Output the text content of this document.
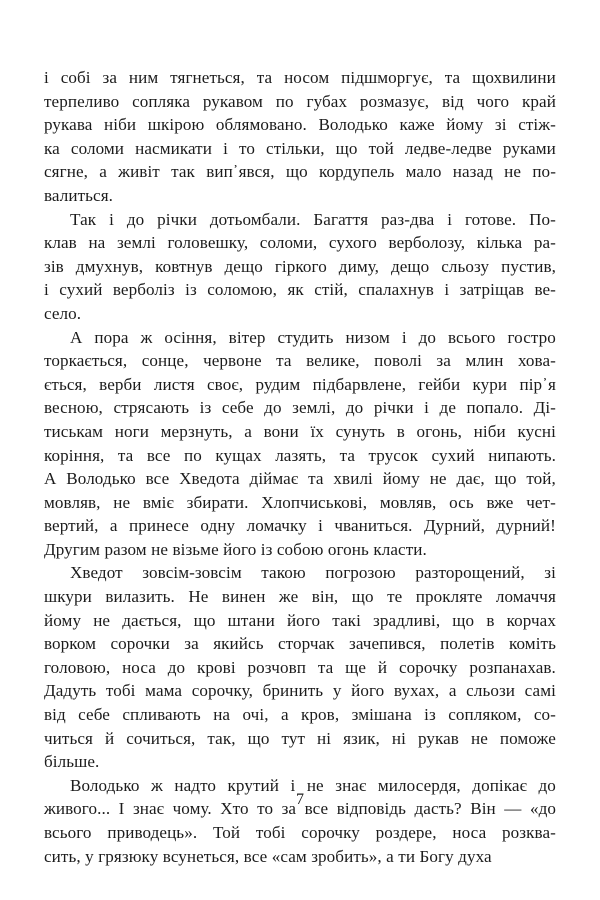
і собі за ним тягнеться, та носом підшморгує, та щохвилини
терпеливо сопляка рукавом по губах розмазує, від чого край
рукава ніби шкірою облямовано. Володько каже йому зі стіж-
ка соломи насмикати і то стільки, що той ледве-ледве руками
сягне, а живіт так вип᾽явся, що кордупель мало назад не по-
валиться.

Так і до річки дотьомбали. Багаття раз-два і готове. По-
клав на землі головешку, соломи, сухого верболозу, кілька ра-
зів дмухнув, ковтнув дещо гіркого диму, дещо сльозу пустив,
і сухий верболіз із соломою, як стій, спалахнув і затріщав ве-
село.

А пора ж осіння, вітер студить низом і до всього гостро
торкається, сонце, червоне та велике, поволі за млин хова-
ється, верби листя своє, рудим підбарвлене, гейби кури пір᾽я
весною, стрясають із себе до землі, до річки і де попало. Ді-
тиськам ноги мерзнуть, а вони їх сунуть в огонь, ніби кусні
коріння, та все по кущах лазять, та трусок сухий нипають.
А Володько все Хведота діймає та хвилі йому не дає, що той,
мовляв, не вміє збирати. Хлопчиськові, мовляв, ось вже чет-
вертий, а принесе одну ломачку і чваниться. Дурний, дурний!
Другим разом не візьме його із собою огонь класти.

Хведот зовсім-зовсім такою погрозою разторощений, зі
шкури вилазить. Не винен же він, що те прокляте ломаччя
йому не дається, що штани його такі зрадливі, що в корчах
ворком сорочки за якийсь сторчак зачепився, полетів коміть
головою, носа до крові розчовп та ще й сорочку розпанахав.
Дадуть тобі мама сорочку, бринить у його вухах, а сльози самі
від себе спливають на очі, а кров, змішана із сопляком, со-
читься й сочиться, так, що тут ні язик, ні рукав не поможе
більше.

Володько ж надто крутий і не знає милосердя, допікає до
живого... І знає чому. Хто то за все відповідь дасть? Він — «до
всього приводець». Той тобі сорочку роздере, носа розква-
сить, у грязюку всунеться, все «сам зробить», а ти Богу духа

7
